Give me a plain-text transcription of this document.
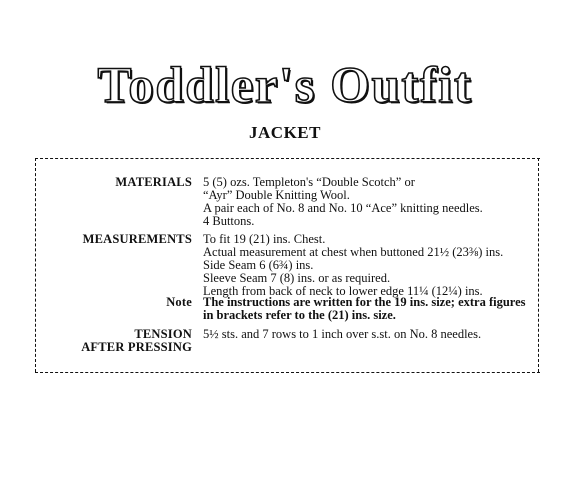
Toddler's Outfit
JACKET
MATERIALS 5 (5) ozs. Templeton's “Double Scotch” or
“Ayr” Double Knitting Wool.
A pair each of No. 8 and No. 10 “Ace” knitting needles.
4 Buttons.
MEASUREMENTS To fit 19 (21) ins. Chest.
Actual measurement at chest when buttoned 21½ (23⅜) ins.
Side Seam 6 (6¾) ins.
Sleeve Seam 7 (8) ins. or as required.
Length from back of neck to lower edge 11¼ (12¼) ins.
Note The instructions are written for the 19 ins. size; extra figures
in brackets refer to the (21) ins. size.
TENSION
AFTER PRESSING
5½ sts. and 7 rows to 1 inch over s.st. on No. 8 needles.
